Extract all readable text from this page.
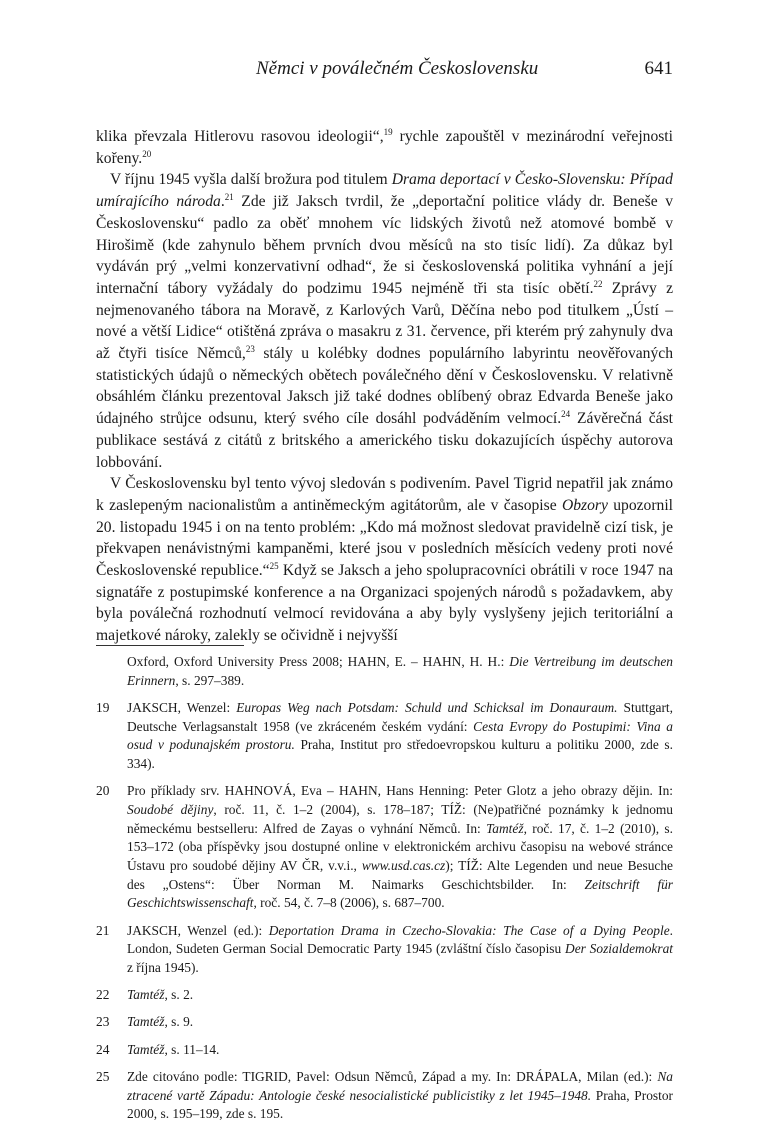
Němci v poválečném Československu	641

klika převzala Hitlerovu rasovou ideologii“,$^{19}$ rychle zapouštěl v mezinárodní veřejnosti kořeny.$^{20}$

V říjnu 1945 vyšla další brožura pod titulem Drama deportací v Česko-Slovensku: Případ umírajícího národa.$^{21}$ Zde již Jaksch tvrdil, že „deportační politice vlády dr. Beneše v Československu“ padlo za oběť mnohem víc lidských životů než atomové bombě v Hirošimě (kde zahynulo během prvních dvou měsíců na sto tisíc lidí). Za důkaz byl vydáván prý „velmi konzervativní odhad“, že si československá politika vyhnání a její internační tábory vyžádaly do podzimu 1945 nejméně tři sta tisíc obětí.$^{22}$ Zprávy z nejmenovaného tábora na Moravě, z Karlových Varů, Děčína nebo pod titulkem „Ústí – nové a větší Lidice“ otištěná zpráva o masakru z 31. července, při kterém prý zahynuly dva až čtyři tisíce Němců,$^{23}$ stály u kolébky dodnes populárního labyrintu neověřovaných statistických údajů o německých obětech poválečného dění v Československu. V relativně obsáhlém článku prezentoval Jaksch již také dodnes oblíbený obraz Edvarda Beneše jako údajného strůjce odsunu, který svého cíle dosáhl podváděním velmocí.$^{24}$ Závěrečná část publikace sestává z citátů z britského a amerického tisku dokazujících úspěchy autorova lobbování.

V Československu byl tento vývoj sledován s podivením. Pavel Tigrid nepatřil jak známo k zaslepeným nacionalistům a antiněmeckým agitátorům, ale v časopise Obzory upozornil 20. listopadu 1945 i on na tento problém: „Kdo má možnost sledovat pravidelně cizí tisk, je překvapen nenávistnými kampaněmi, které jsou v posledních měsících vedeny proti nové Československé republice.“$^{25}$ Když se Jaksch a jeho spolupracovníci obrátili v roce 1947 na signatáře z postupimské konference a na Organizaci spojených národů s požadavkem, aby byla poválečná rozhodnutí velmocí revidována a aby byly vyslyšeny jejich teritoriální a majetkové nároky, zalekly se očividně i nejvyšší

Oxford, Oxford University Press 2008; HAHN, E. – HAHN, H. H.: Die Vertreibung im deutschen Erinnern, s. 297–389.
19 JAKSCH, Wenzel: Europas Weg nach Potsdam: Schuld und Schicksal im Donauraum. Stuttgart, Deutsche Verlagsanstalt 1958 (ve zkráceném českém vydání: Cesta Evropy do Postupimi: Vina a osud v podunajském prostoru. Praha, Institut pro středoevropskou kulturu a politiku 2000, zde s. 334).
20 Pro příklady srv. HAHNOVÁ, Eva – HAHN, Hans Henning: Peter Glotz a jeho obrazy dějin. In: Soudobé dějiny, roč. 11, č. 1–2 (2004), s. 178–187; TÍŽ: (Ne)patřičné poznámky k jednomu německému bestselleru: Alfred de Zayas o vyhnání Němců. In: Tamtéž, roč. 17, č. 1–2 (2010), s. 153–172 (oba příspěvky jsou dostupné online v elektronickém archivu časopisu na webové stránce Ústavu pro soudobé dějiny AV ČR, v.v.i., www.usd.cas.cz); TÍŽ: Alte Legenden und neue Besuche des „Ostens“: Über Norman M. Naimarks Geschichtsbilder. In: Zeitschrift für Geschichtswissenschaft, roč. 54, č. 7–8 (2006), s. 687–700.
21 JAKSCH, Wenzel (ed.): Deportation Drama in Czecho-Slovakia: The Case of a Dying People. London, Sudeten German Social Democratic Party 1945 (zvláštní číslo časopisu Der Sozialdemokrat z října 1945).
22 Tamtéž, s. 2.
23 Tamtéž, s. 9.
24 Tamtéž, s. 11–14.
25 Zde citováno podle: TIGRID, Pavel: Odsun Němců, Západ a my. In: DRÁPALA, Milan (ed.): Na ztracené vartě Západu: Antologie české nesocialistické publicistiky z let 1945–1948. Praha, Prostor 2000, s. 195–199, zde s. 195.
